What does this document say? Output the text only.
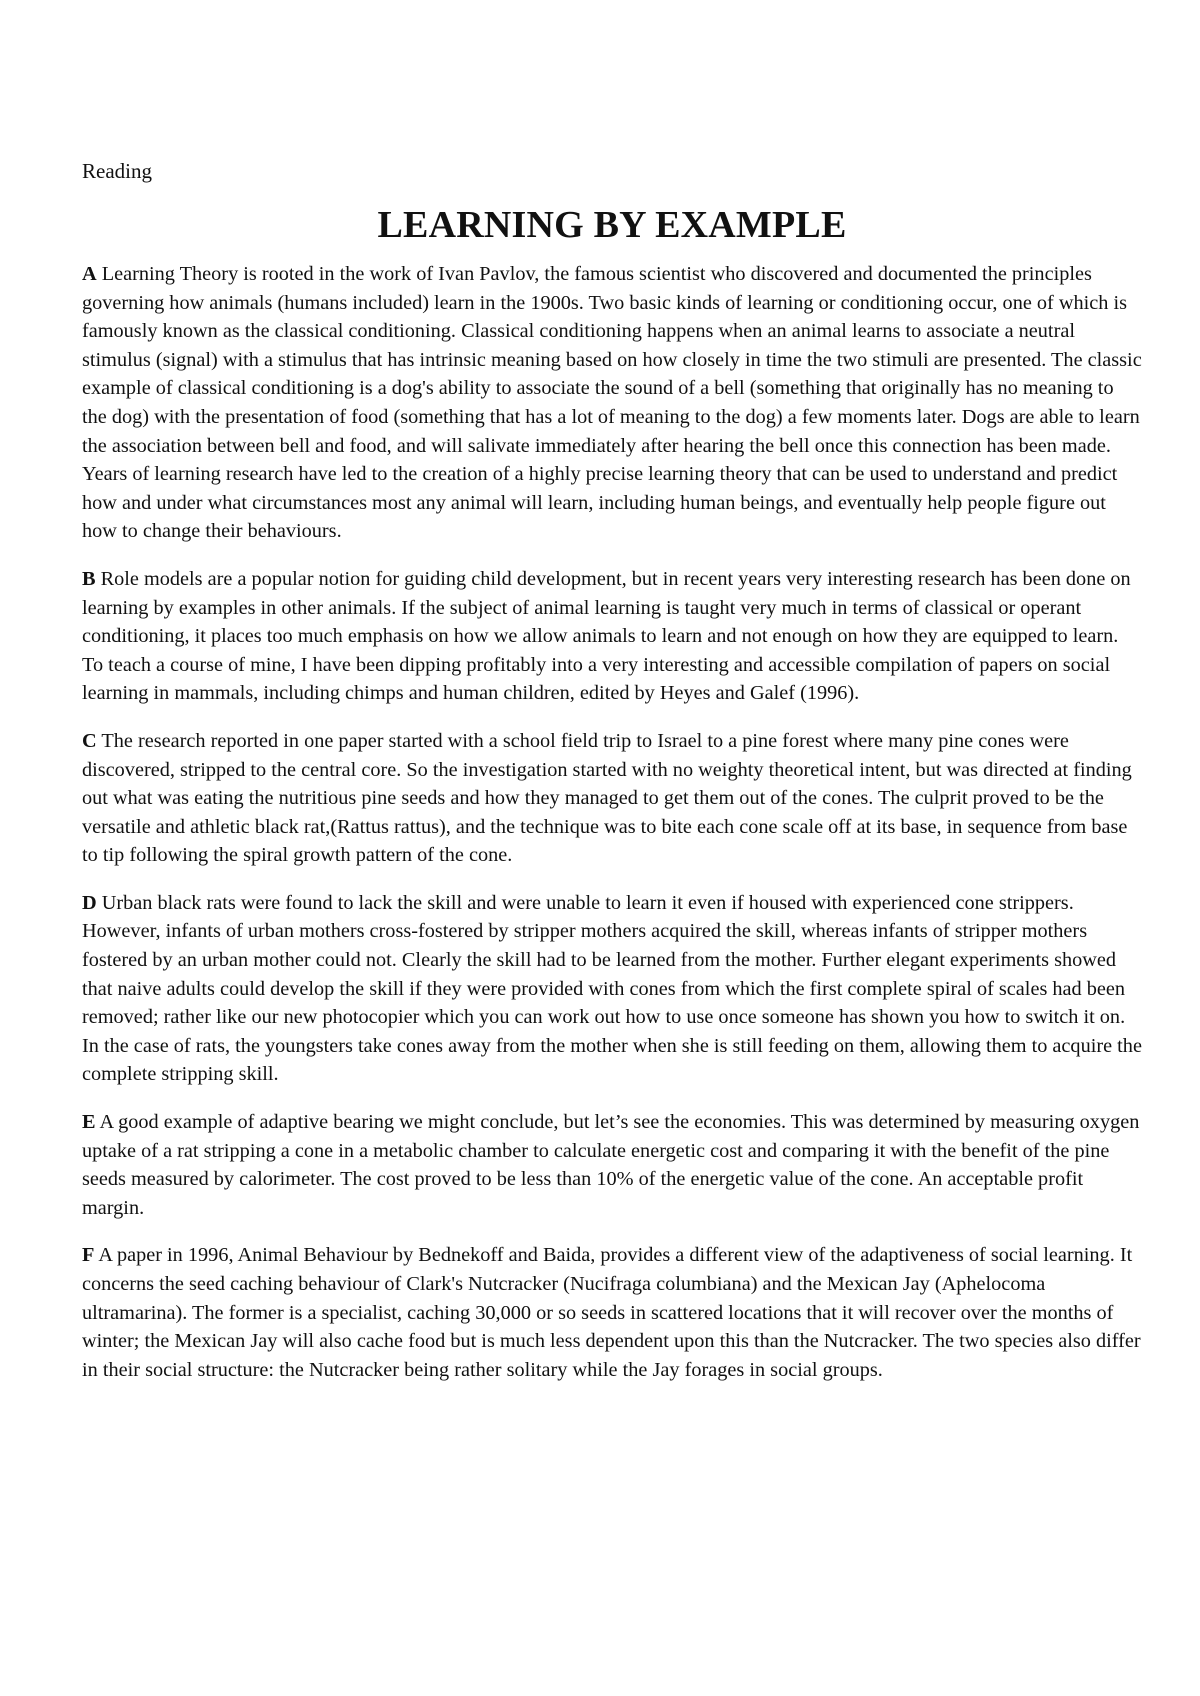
Reading
LEARNING BY EXAMPLE

A Learning Theory is rooted in the work of Ivan Pavlov, the famous scientist who discovered and documented the principles governing how animals (humans included) learn in the 1900s. Two basic kinds of learning or conditioning occur, one of which is famously known as the classical conditioning. Classical conditioning happens when an animal learns to associate a neutral stimulus (signal) with a stimulus that has intrinsic meaning based on how closely in time the two stimuli are presented. The classic example of classical conditioning is a dog's ability to associate the sound of a bell (something that originally has no meaning to the dog) with the presentation of food (something that has a lot of meaning to the dog) a few moments later. Dogs are able to learn the association between bell and food, and will salivate immediately after hearing the bell once this connection has been made. Years of learning research have led to the creation of a highly precise learning theory that can be used to understand and predict how and under what circumstances most any animal will learn, including human beings, and eventually help people figure out how to change their behaviours.

B Role models are a popular notion for guiding child development, but in recent years very interesting research has been done on learning by examples in other animals. If the subject of animal learning is taught very much in terms of classical or operant conditioning, it places too much emphasis on how we allow animals to learn and not enough on how they are equipped to learn. To teach a course of mine, I have been dipping profitably into a very interesting and accessible compilation of papers on social learning in mammals, including chimps and human children, edited by Heyes and Galef (1996).

C The research reported in one paper started with a school field trip to Israel to a pine forest where many pine cones were discovered, stripped to the central core. So the investigation started with no weighty theoretical intent, but was directed at finding out what was eating the nutritious pine seeds and how they managed to get them out of the cones. The culprit proved to be the versatile and athletic black rat,(Rattus rattus), and the technique was to bite each cone scale off at its base, in sequence from base to tip following the spiral growth pattern of the cone.

D Urban black rats were found to lack the skill and were unable to learn it even if housed with experienced cone strippers. However, infants of urban mothers cross-fostered by stripper mothers acquired the skill, whereas infants of stripper mothers fostered by an urban mother could not. Clearly the skill had to be learned from the mother. Further elegant experiments showed that naive adults could develop the skill if they were provided with cones from which the first complete spiral of scales had been removed; rather like our new photocopier which you can work out how to use once someone has shown you how to switch it on. In the case of rats, the youngsters take cones away from the mother when she is still feeding on them, allowing them to acquire the complete stripping skill.

E A good example of adaptive bearing we might conclude, but let’s see the economies. This was determined by measuring oxygen uptake of a rat stripping a cone in a metabolic chamber to calculate energetic cost and comparing it with the benefit of the pine seeds measured by calorimeter. The cost proved to be less than 10% of the energetic value of the cone. An acceptable profit margin.

F A paper in 1996, Animal Behaviour by Bednekoff and Baida, provides a different view of the adaptiveness of social learning. It concerns the seed caching behaviour of Clark's Nutcracker (Nucifraga columbiana) and the Mexican Jay (Aphelocoma ultramarina). The former is a specialist, caching 30,000 or so seeds in scattered locations that it will recover over the months of winter; the Mexican Jay will also cache food but is much less dependent upon this than the Nutcracker. The two species also differ in their social structure: the Nutcracker being rather solitary while the Jay forages in social groups.
